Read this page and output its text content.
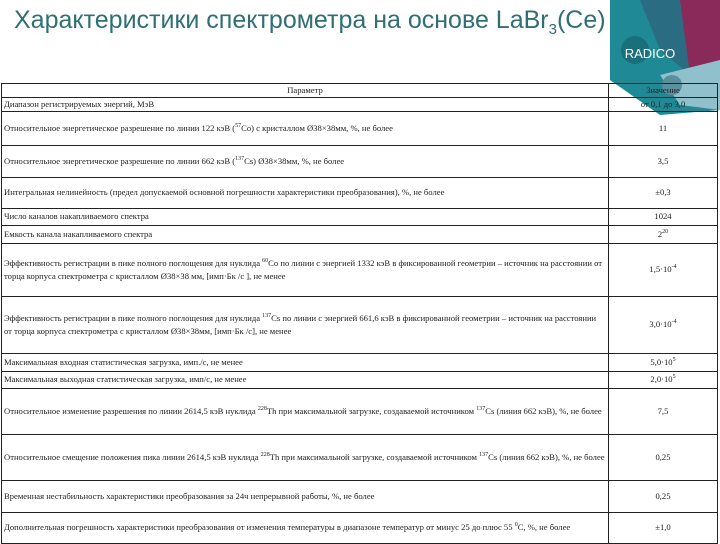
Характеристики спектрометра на основе LaBr$_3$(Ce)
RADICO
Параметр	Значение
Диапазон регистрируемых энергий, МэВ	от 0,1 до 3,0
Относительное энергетическое разрешение по линии 122 кэВ ($^{57}$Co) с кристаллом Ø38×38мм, %, не более	11
Относительное энергетическое разрешение по линии 662 кэВ ($^{137}$Cs) Ø38×38мм, %, не более	3,5
Интегральная нелинейность (предел допускаемой основной погрешности характеристики преобразования), %, не более	±0,3
Число каналов накапливаемого спектра	1024
Емкость канала накапливаемого спектра	$2^{20}$
Эффективность регистрации в пике полного поглощения для нуклида $^{60}$Co по линии с энергией 1332 кэВ в фиксированной геометрии – источник на расстоянии от торца корпуса спектрометра с кристаллом Ø38×38 мм, [имп·Бк /с ], не менее	$1,5\cdot 10^{-4}$
Эффективность регистрации в пике полного поглощения для нуклида $^{137}$Cs по линии с энергией 661,6 кэВ в фиксированной геометрии – источник на расстоянии от торца корпуса спектрометра с кристаллом Ø38×38мм, [имп·Бк /с], не менее	$3,0\cdot 10^{-4}$
Максимальная входная статистическая загрузка, имп./с, не менее	$5,0\cdot 10^5$
Максимальная выходная статистическая загрузка, имп/с, не менее	$2,0\cdot 10^5$
Относительное изменение разрешения по линии 2614,5 кэВ нуклида $^{228}$Th при максимальной загрузке, создаваемой источником $^{137}$Cs (линия 662 кэВ), %, не более	7,5
Относительное смещение положения пика линии 2614,5 кэВ нуклида $^{228}$Th при максимальной загрузке, создаваемой источником $^{137}$Cs (линия 662 кэВ), %, не более	0,25
Временная нестабильность характеристики преобразования за 24ч непрерывной работы, %, не более	0,25
Дополнительная погрешность характеристики преобразования от изменения температуры в диапазоне температур от минус 25 до плюс 55 $^0$С, %, не более	±1,0
